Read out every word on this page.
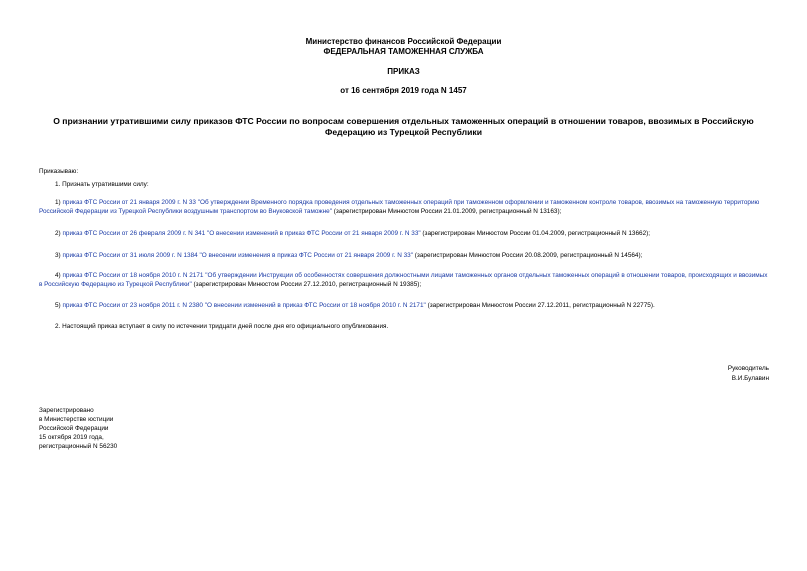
Министерство финансов Российской Федерации
ФЕДЕРАЛЬНАЯ ТАМОЖЕННАЯ СЛУЖБА
ПРИКАЗ
от 16 сентября 2019 года N 1457
О признании утратившими силу приказов ФТС России по вопросам совершения отдельных таможенных операций в отношении товаров, ввозимых в Российскую Федерацию из Турецкой Республики
Приказываю:
1. Признать утратившими силу:
1) приказ ФТС России от 21 января 2009 г. N 33 "Об утверждении Временного порядка проведения отдельных таможенных операций при таможенном оформлении и таможенном контроле товаров, ввозимых на таможенную территорию Российской Федерации из Турецкой Республики воздушным транспортом во Внуковской таможне" (зарегистрирован Минюстом России 21.01.2009, регистрационный N 13163);
2) приказ ФТС России от 26 февраля 2009 г. N 341 "О внесении изменений в приказ ФТС России от 21 января 2009 г. N 33" (зарегистрирован Минюстом России 01.04.2009, регистрационный N 13662);
3) приказ ФТС России от 31 июля 2009 г. N 1384 "О внесении изменения в приказ ФТС России от 21 января 2009 г. N 33" (зарегистрирован Минюстом России 20.08.2009, регистрационный N 14564);
4) приказ ФТС России от 18 ноября 2010 г. N 2171 "Об утверждении Инструкции об особенностях совершения должностными лицами таможенных органов отдельных таможенных операций в отношении товаров, происходящих и ввозимых в Российскую Федерацию из Турецкой Республики" (зарегистрирован Минюстом России 27.12.2010, регистрационный N 19385);
5) приказ ФТС России от 23 ноября 2011 г. N 2380 "О внесении изменений в приказ ФТС России от 18 ноября 2010 г. N 2171" (зарегистрирован Минюстом России 27.12.2011, регистрационный N 22775).
2. Настоящий приказ вступает в силу по истечении тридцати дней после дня его официального опубликования.
Руководитель
В.И.Булавин
Зарегистрировано
в Министерстве юстиции
Российской Федерации
15 октября 2019 года,
регистрационный N 56230
